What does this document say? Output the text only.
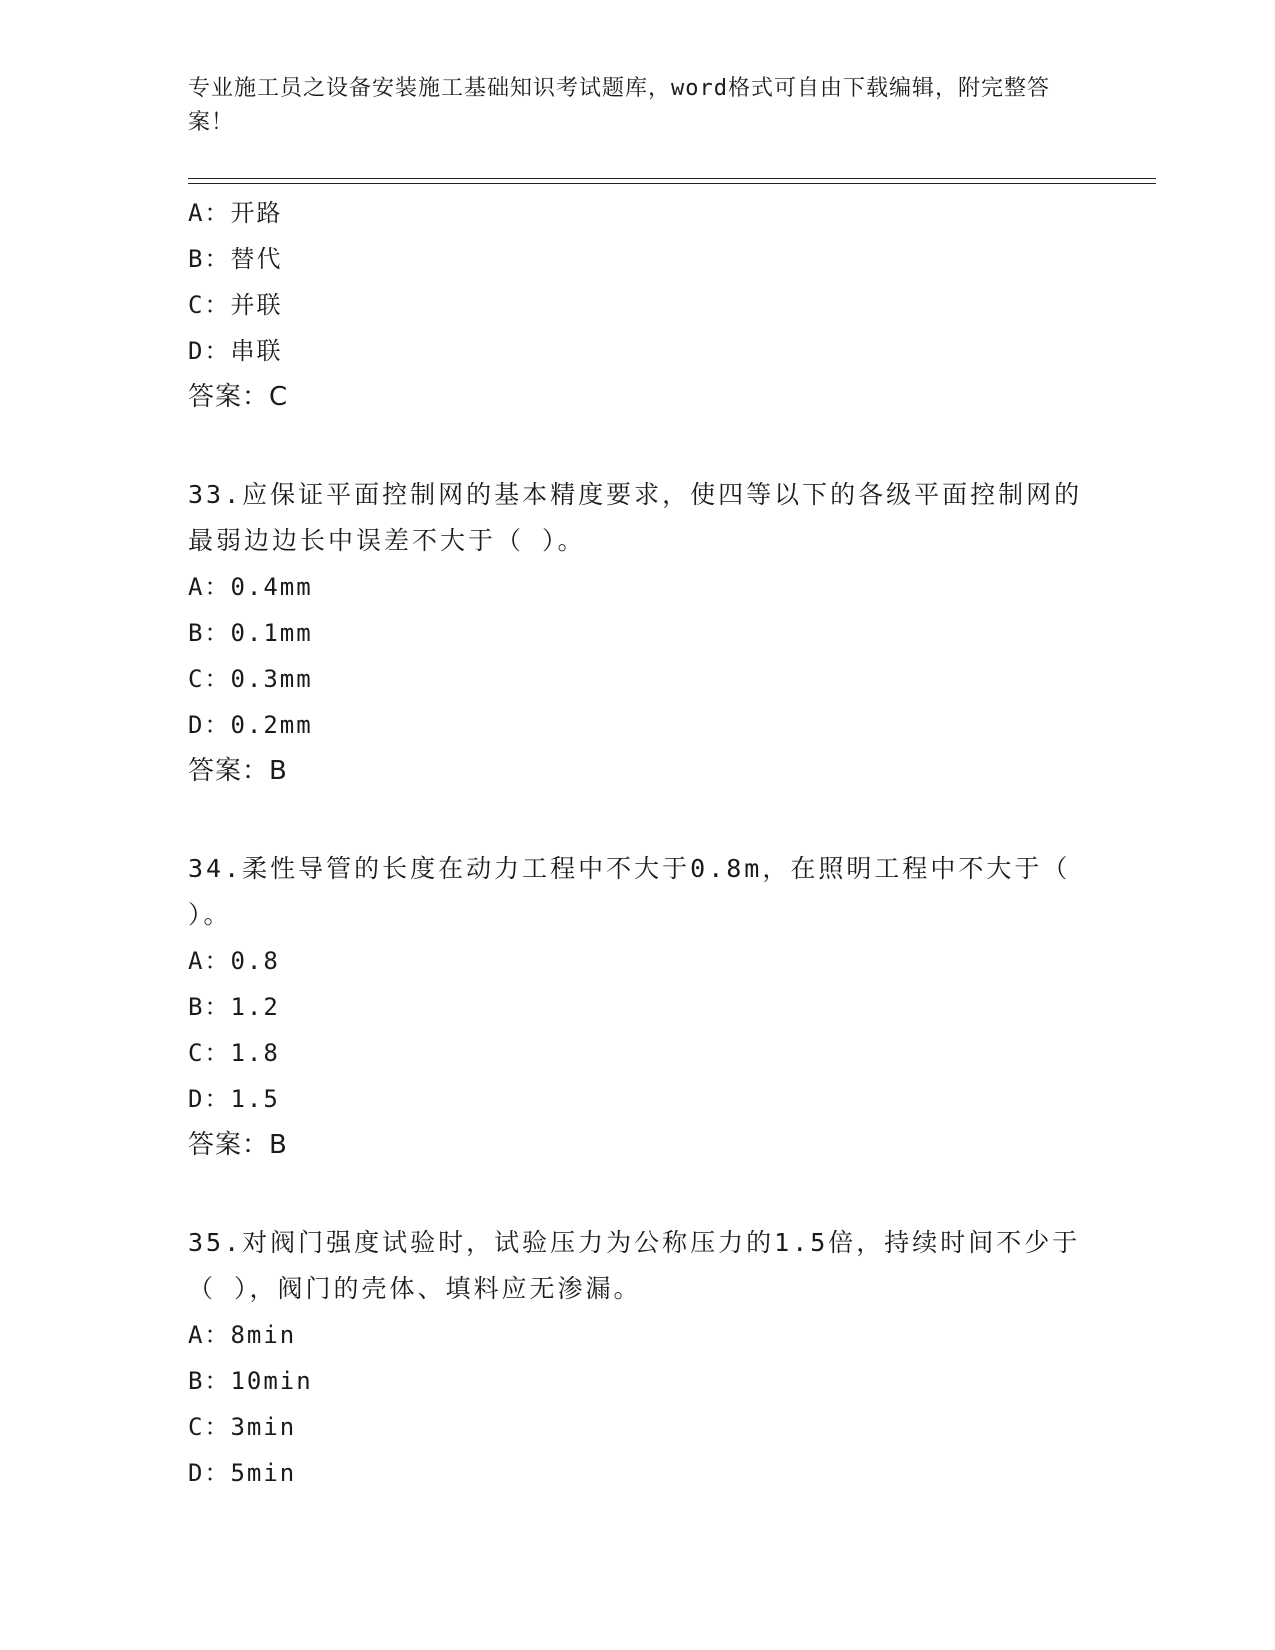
专业施工员之设备安装施工基础知识考试题库，word格式可自由下载编辑，附完整答案！
A：开路
B：替代
C：并联
D：串联
答案：C
33.应保证平面控制网的基本精度要求，使四等以下的各级平面控制网的最弱边边长中误差不大于（ ）。
A：0.4mm
B：0.1mm
C：0.3mm
D：0.2mm
答案：B
34.柔性导管的长度在动力工程中不大于0.8m，在照明工程中不大于（ ）。
A：0.8
B：1.2
C：1.8
D：1.5
答案：B
35.对阀门强度试验时，试验压力为公称压力的1.5倍，持续时间不少于（ ），阀门的壳体、填料应无渗漏。
A：8min
B：10min
C：3min
D：5min
